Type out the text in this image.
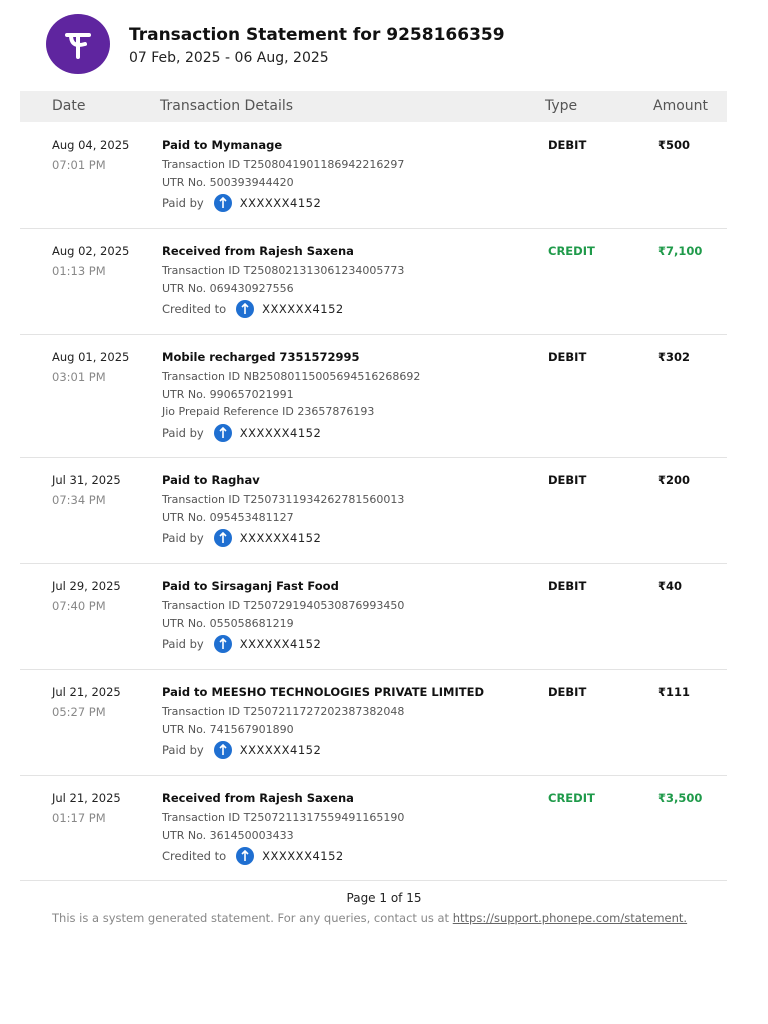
Transaction Statement for 9258166359
07 Feb, 2025 - 06 Aug, 2025
Date	Transaction Details	Type	Amount
Aug 04, 2025
07:01 PM
Paid to Mymanage
Transaction ID T2508041901186942216297
UTR No. 500393944420
Paid by	XXXXXX4152
DEBIT	₹500
Aug 02, 2025
01:13 PM
Received from Rajesh Saxena
Transaction ID T2508021313061234005773
UTR No. 069430927556
Credited to	XXXXXX4152
CREDIT	₹7,100
Aug 01, 2025
03:01 PM
Mobile recharged 7351572995
Transaction ID NB2508011500569451626869​2
UTR No. 990657021991
Jio Prepaid Reference ID 23657876193
Paid by	XXXXXX4152
DEBIT	₹302
Jul 31, 2025
07:34 PM
Paid to Raghav
Transaction ID T2507311934262781560013
UTR No. 095453481127
Paid by	XXXXXX4152
DEBIT	₹200
Jul 29, 2025
07:40 PM
Paid to Sirsaganj Fast Food
Transaction ID T2507291940530876993450
UTR No. 055058681219
Paid by	XXXXXX4152
DEBIT	₹40
Jul 21, 2025
05:27 PM
Paid to MEESHO TECHNOLOGIES PRIVATE LIMITED
Transaction ID T2507211727202387382048
UTR No. 741567901890
Paid by	XXXXXX4152
DEBIT	₹111
Jul 21, 2025
01:17 PM
Received from Rajesh Saxena
Transaction ID T2507211317559491165190
UTR No. 361450003433
Credited to	XXXXXX4152
CREDIT	₹3,500
Page 1 of 15
This is a system generated statement. For any queries, contact us at https://support.phonepe.com/statement.
